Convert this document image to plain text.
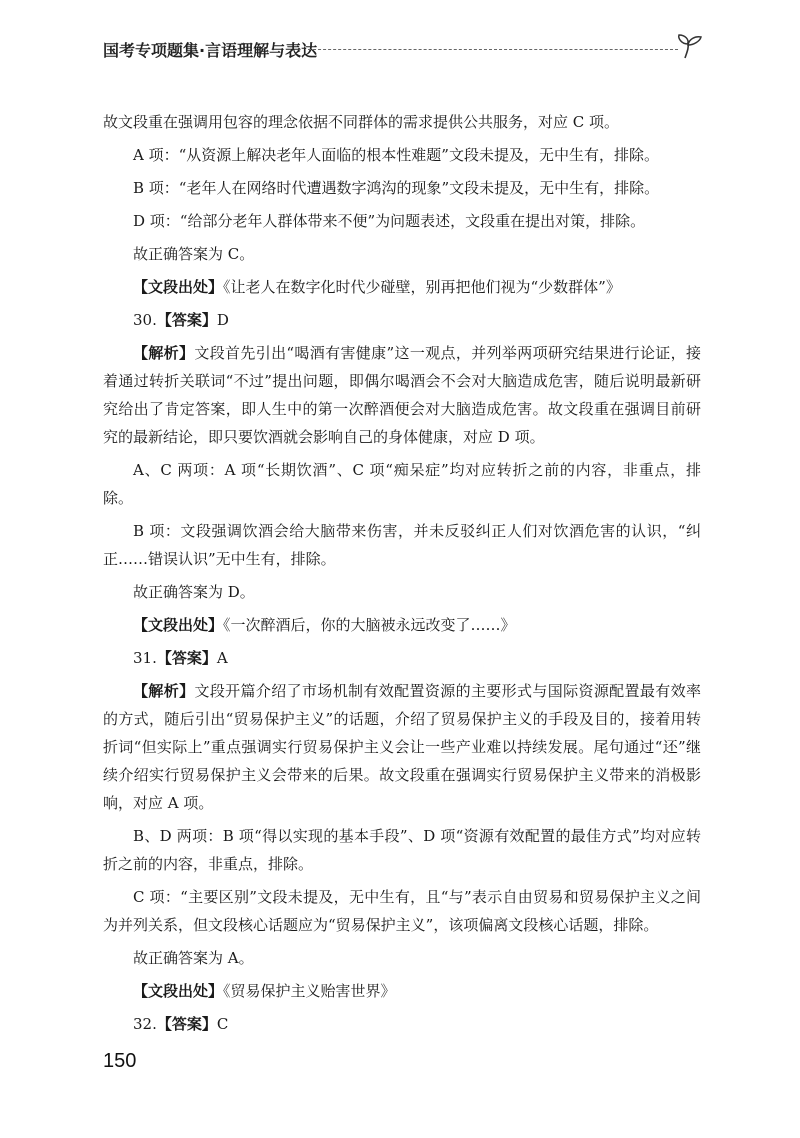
国考专项题集·言语理解与表达

故文段重在强调用包容的理念依据不同群体的需求提供公共服务，对应 C 项。

A 项：“从资源上解决老年人面临的根本性难题”文段未提及，无中生有，排除。

B 项：“老年人在网络时代遭遇数字鸿沟的现象”文段未提及，无中生有，排除。

D 项：“给部分老年人群体带来不便”为问题表述，文段重在提出对策，排除。

故正确答案为 C。

【文段出处】《让老人在数字化时代少碰壁，别再把他们视为“少数群体”》

30.【答案】D

【解析】文段首先引出“喝酒有害健康”这一观点，并列举两项研究结果进行论证，接着通过转折关联词“不过”提出问题，即偶尔喝酒会不会对大脑造成危害，随后说明最新研究给出了肯定答案，即人生中的第一次醉酒便会对大脑造成危害。故文段重在强调目前研究的最新结论，即只要饮酒就会影响自己的身体健康，对应 D 项。

A、C 两项：A 项“长期饮酒”、C 项“痴呆症”均对应转折之前的内容，非重点，排除。

B 项：文段强调饮酒会给大脑带来伤害，并未反驳纠正人们对饮酒危害的认识，“纠正……错误认识”无中生有，排除。

故正确答案为 D。

【文段出处】《一次醉酒后，你的大脑被永远改变了……》

31.【答案】A

【解析】文段开篇介绍了市场机制有效配置资源的主要形式与国际资源配置最有效率的方式，随后引出“贸易保护主义”的话题，介绍了贸易保护主义的手段及目的，接着用转折词“但实际上”重点强调实行贸易保护主义会让一些产业难以持续发展。尾句通过“还”继续介绍实行贸易保护主义会带来的后果。故文段重在强调实行贸易保护主义带来的消极影响，对应 A 项。

B、D 两项：B 项“得以实现的基本手段”、D 项“资源有效配置的最佳方式”均对应转折之前的内容，非重点，排除。

C 项：“主要区别”文段未提及，无中生有，且“与”表示自由贸易和贸易保护主义之间为并列关系，但文段核心话题应为“贸易保护主义”，该项偏离文段核心话题，排除。

故正确答案为 A。

【文段出处】《贸易保护主义贻害世界》

32.【答案】C

150
